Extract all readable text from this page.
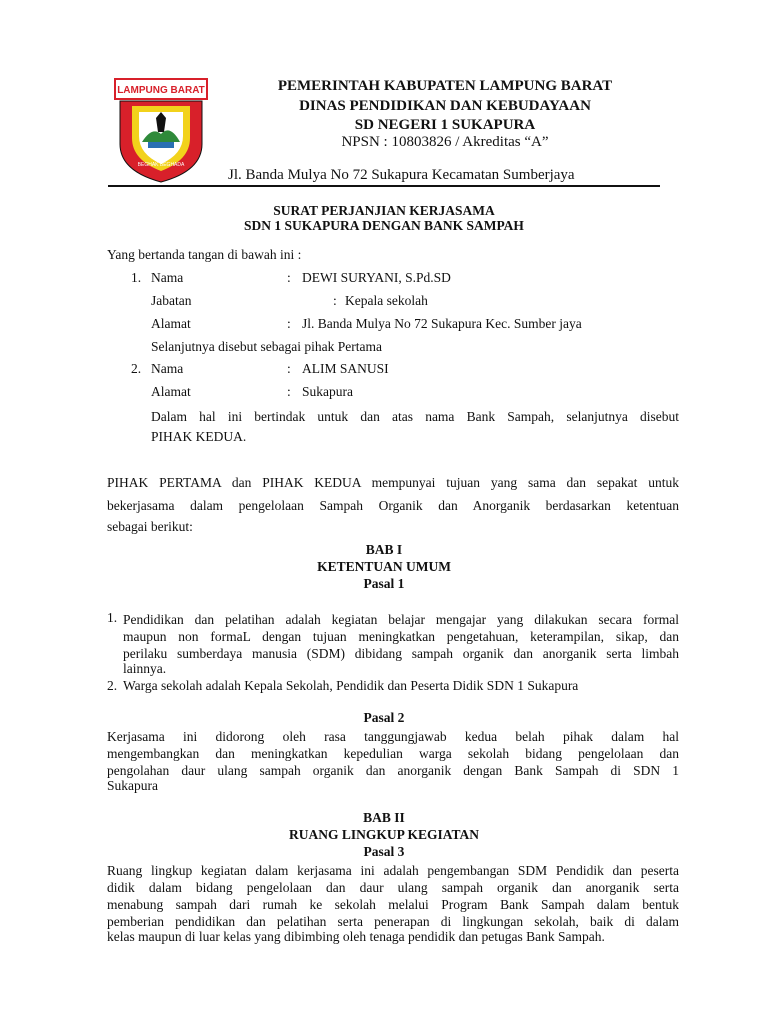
LAMPUNG BARAT
BEGHAK BEGHADA
PEMERINTAH KABUPATEN LAMPUNG BARAT
DINAS PENDIDIKAN DAN KEBUDAYAAN
SD NEGERI 1 SUKAPURA
NPSN : 10803826 / Akreditas “A”
Jl. Banda Mulya No 72 Sukapura Kecamatan Sumberjaya
SURAT PERJANJIAN KERJASAMA
SDN 1 SUKAPURA DENGAN BANK SAMPAH
Yang bertanda tangan di bawah ini :
1. Nama	: DEWI SURYANI, S.Pd.SD
Jabatan	: Kepala sekolah
Alamat	: Jl. Banda Mulya No 72 Sukapura Kec. Sumber jaya
Selanjutnya disebut sebagai pihak Pertama
2. Nama	: ALIM SANUSI
Alamat	: Sukapura
Dalam hal ini bertindak untuk dan atas nama Bank Sampah, selanjutnya disebut
PIHAK KEDUA.
PIHAK PERTAMA dan PIHAK KEDUA mempunyai tujuan yang sama dan sepakat untuk
bekerjasama dalam pengelolaan Sampah Organik dan Anorganik berdasarkan ketentuan
sebagai berikut:
BAB I
KETENTUAN UMUM
Pasal 1
1. Pendidikan dan pelatihan adalah kegiatan belajar mengajar yang dilakukan secara formal
maupun non formaL dengan tujuan meningkatkan pengetahuan, keterampilan, sikap, dan
perilaku sumberdaya manusia (SDM) dibidang sampah organik dan anorganik serta limbah
lainnya.
2. Warga sekolah adalah Kepala Sekolah, Pendidik dan Peserta Didik SDN 1 Sukapura
Pasal 2
Kerjasama ini didorong oleh rasa tanggungjawab kedua belah pihak dalam hal
mengembangkan dan meningkatkan kepedulian warga sekolah bidang pengelolaan dan
pengolahan daur ulang sampah organik dan anorganik dengan Bank Sampah di SDN 1
Sukapura
BAB II
RUANG LINGKUP KEGIATAN
Pasal 3
Ruang lingkup kegiatan dalam kerjasama ini adalah pengembangan SDM Pendidik dan peserta
didik dalam bidang pengelolaan dan daur ulang sampah organik dan anorganik serta
menabung sampah dari rumah ke sekolah melalui Program Bank Sampah dalam bentuk
pemberian pendidikan dan pelatihan serta penerapan di lingkungan sekolah, baik di dalam
kelas maupun di luar kelas yang dibimbing oleh tenaga pendidik dan petugas Bank Sampah.
